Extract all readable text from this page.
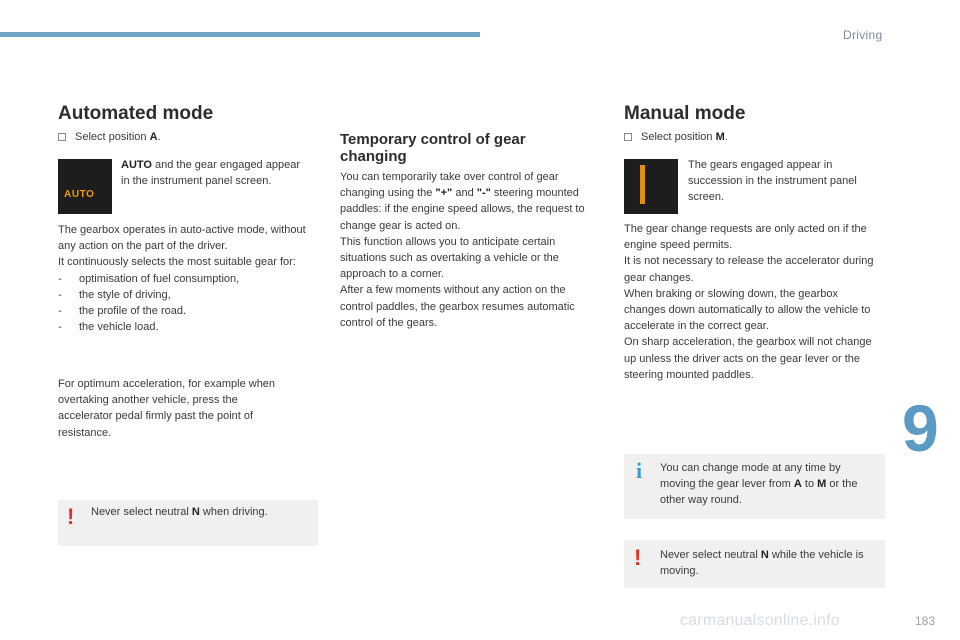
Driving
9
carmanualsonline.info	183
Automated mode
Select position A.
AUTO
AUTO and the gear engaged appear in the instrument panel screen.
The gearbox operates in auto-active mode, without any action on the part of the driver.
It continuously selects the most suitable gear for:
- optimisation of fuel consumption,
- the style of driving,
- the profile of the road.
- the vehicle load.
For optimum acceleration, for example when overtaking another vehicle, press the accelerator pedal firmly past the point of resistance.
! Never select neutral N when driving.
Temporary control of gear changing
You can temporarily take over control of gear changing using the "+" and "-" steering mounted paddles: if the engine speed allows, the request to change gear is acted on.
This function allows you to anticipate certain situations such as overtaking a vehicle or the approach to a corner.
After a few moments without any action on the control paddles, the gearbox resumes automatic control of the gears.
Manual mode
Select position M.
The gears engaged appear in succession in the instrument panel screen.
The gear change requests are only acted on if the engine speed permits.
It is not necessary to release the accelerator during gear changes.
When braking or slowing down, the gearbox changes down automatically to allow the vehicle to accelerate in the correct gear.
On sharp acceleration, the gearbox will not change up unless the driver acts on the gear lever or the steering mounted paddles.
i You can change mode at any time by moving the gear lever from A to M or the other way round.
! Never select neutral N while the vehicle is moving.
